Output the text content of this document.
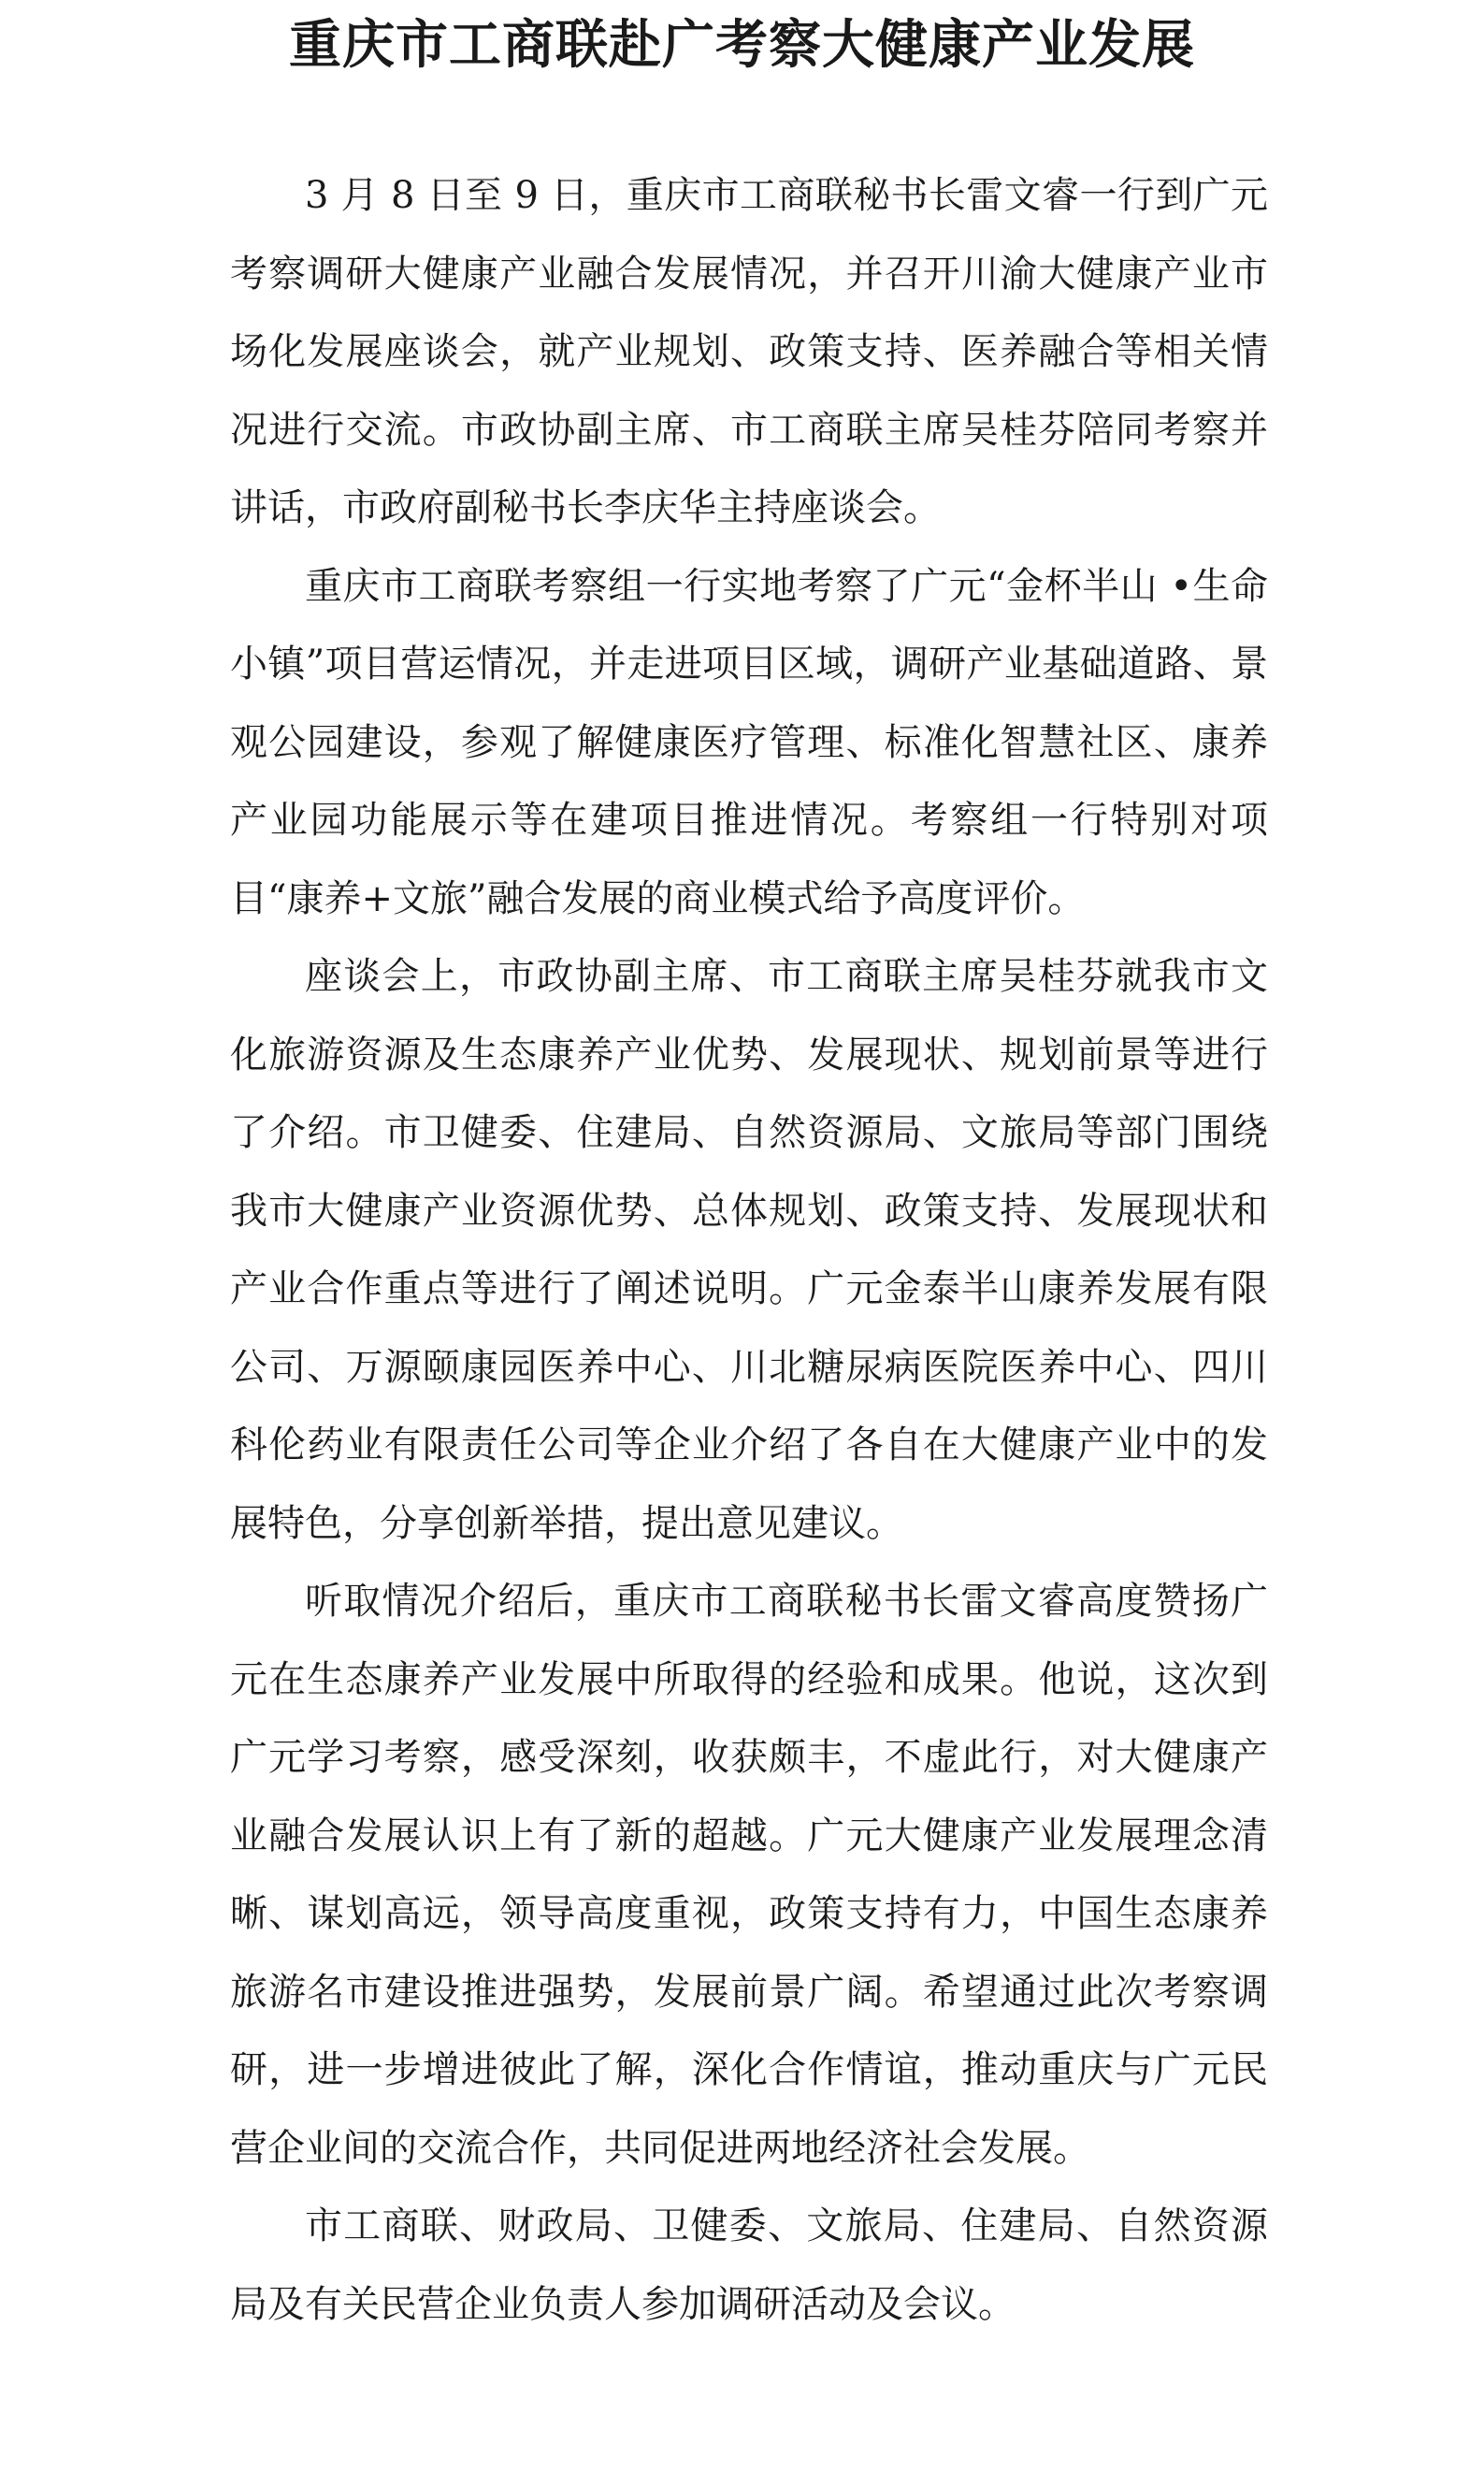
重庆市工商联赴广考察大健康产业发展

3 月 8 日至 9 日，重庆市工商联秘书长雷文睿一行到广元考察调研大健康产业融合发展情况，并召开川渝大健康产业市场化发展座谈会，就产业规划、政策支持、医养融合等相关情况进行交流。市政协副主席、市工商联主席吴桂芬陪同考察并讲话，市政府副秘书长李庆华主持座谈会。

重庆市工商联考察组一行实地考察了广元“金杯半山 •生命小镇”项目营运情况，并走进项目区域，调研产业基础道路、景观公园建设，参观了解健康医疗管理、标准化智慧社区、康养产业园功能展示等在建项目推进情况。考察组一行特别对项目“康养+文旅”融合发展的商业模式给予高度评价。

座谈会上，市政协副主席、市工商联主席吴桂芬就我市文化旅游资源及生态康养产业优势、发展现状、规划前景等进行了介绍。市卫健委、住建局、自然资源局、文旅局等部门围绕我市大健康产业资源优势、总体规划、政策支持、发展现状和产业合作重点等进行了阐述说明。广元金泰半山康养发展有限公司、万源颐康园医养中心、川北糖尿病医院医养中心、四川科伦药业有限责任公司等企业介绍了各自在大健康产业中的发展特色，分享创新举措，提出意见建议。

听取情况介绍后，重庆市工商联秘书长雷文睿高度赞扬广元在生态康养产业发展中所取得的经验和成果。他说，这次到广元学习考察，感受深刻，收获颇丰，不虚此行，对大健康产业融合发展认识上有了新的超越。广元大健康产业发展理念清晰、谋划高远，领导高度重视，政策支持有力，中国生态康养旅游名市建设推进强势，发展前景广阔。希望通过此次考察调研，进一步增进彼此了解，深化合作情谊，推动重庆与广元民营企业间的交流合作，共同促进两地经济社会发展。

市工商联、财政局、卫健委、文旅局、住建局、自然资源局及有关民营企业负责人参加调研活动及会议。
